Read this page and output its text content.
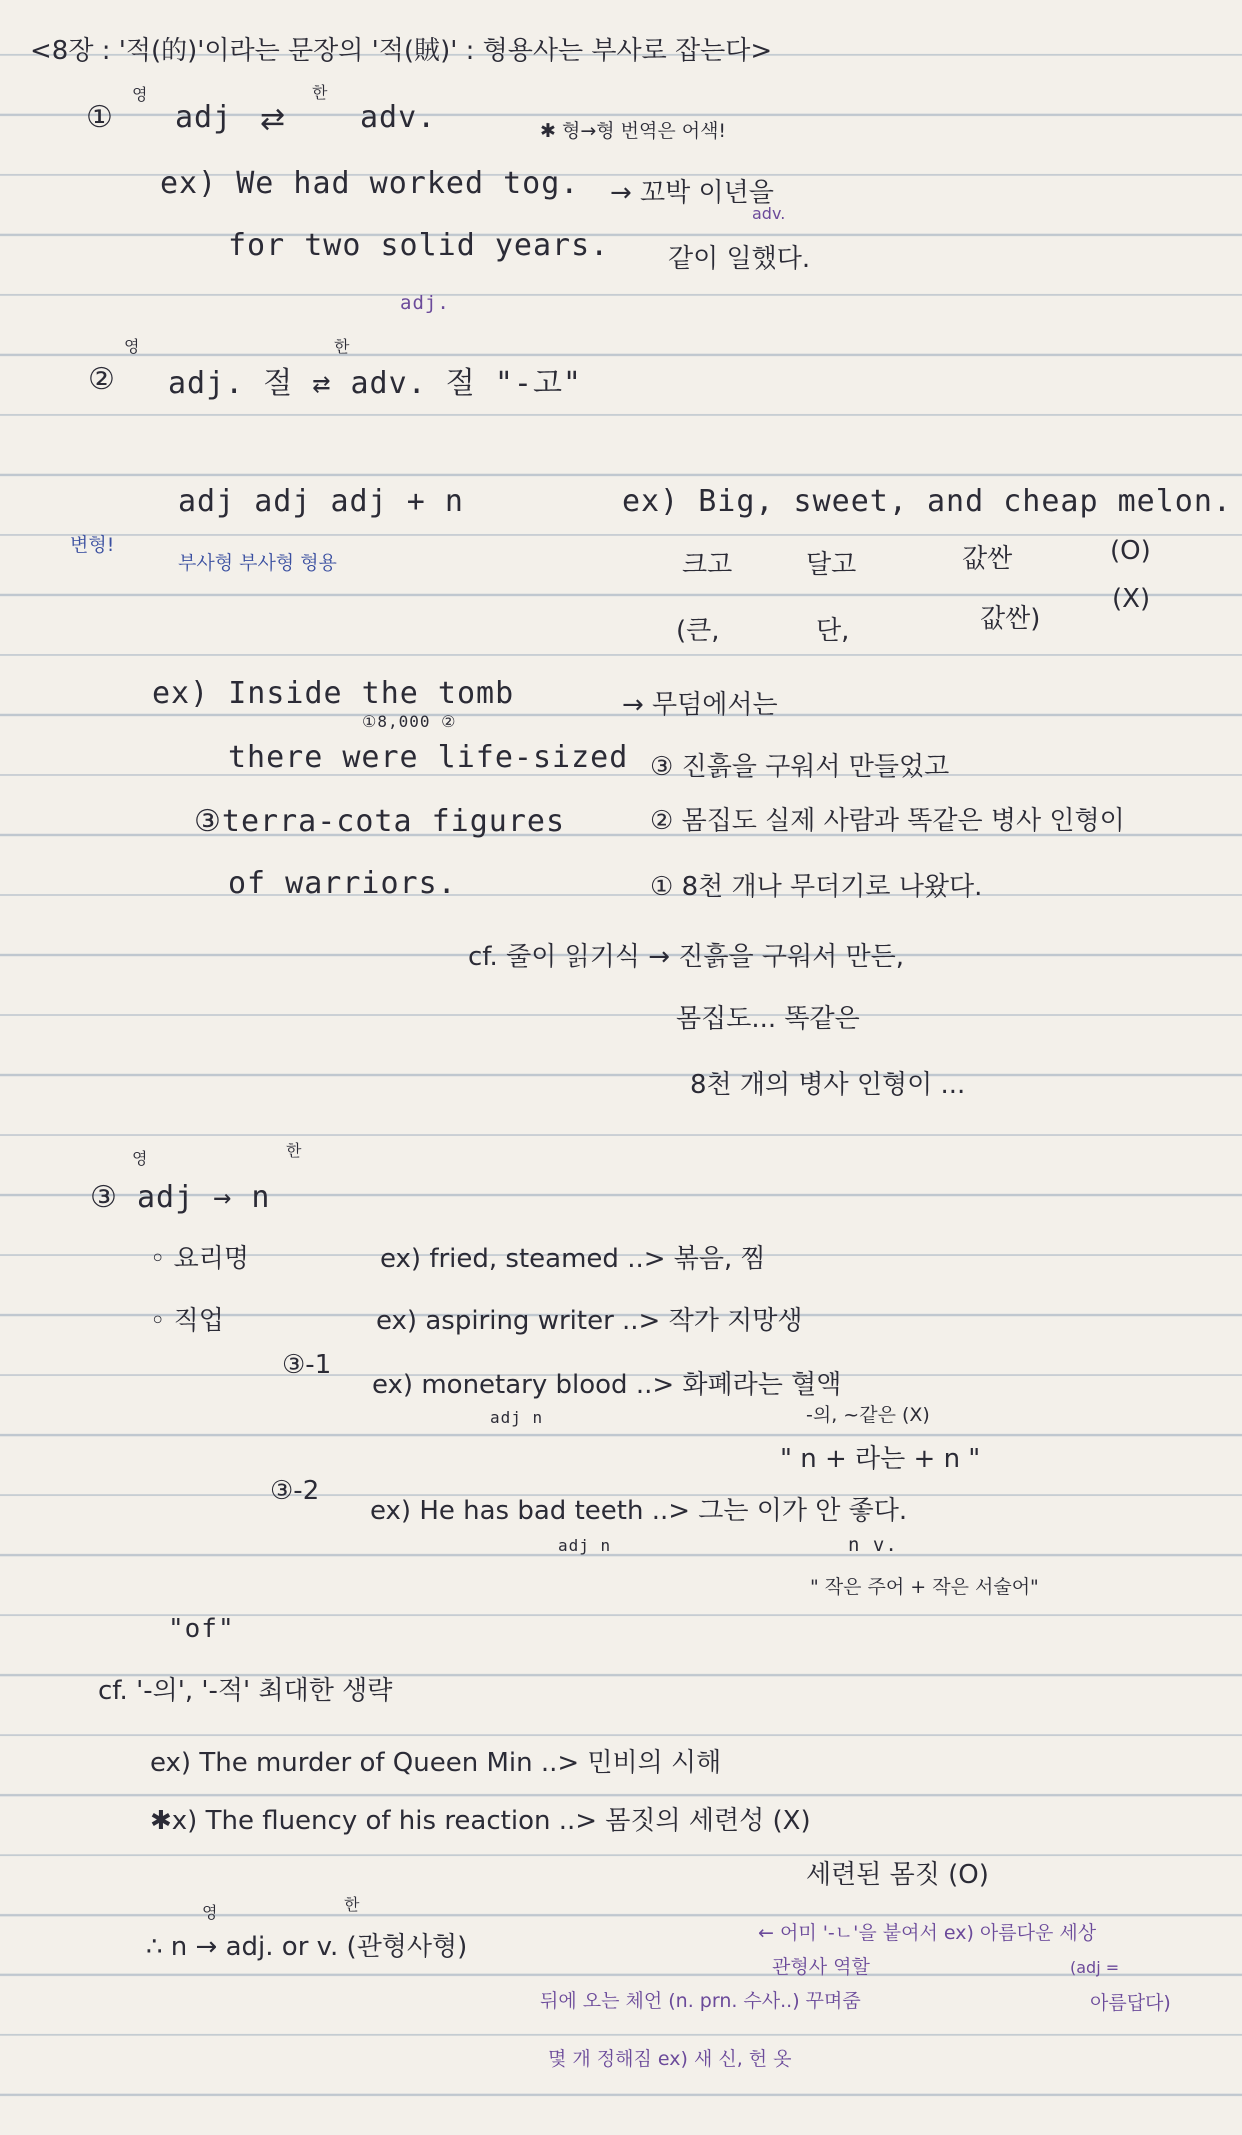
<8장 : '적(的)'이라는 문장의 '적(賊)' : 형용사는 부사로 잡는다>
영	한
① adj ⇄ adv.	✱ 형→형 번역은 어색!
ex) We had worked tog.
for two solid years.
adj.
→ 꼬박 이년을
adv.
같이 일했다.
영	한
② adj. 절 ⇄ adv. 절 "-고"
adj adj adj + n	ex) Big, sweet, and cheap melon.
변형!
부사형 부사형 형용	크고	달고	값싼	(O)
(큰,	단,	값싼)
(X)
ex) Inside the tomb
①8,000 ②
there were life-sized
③terra-cota figures
of warriors.
→ 무덤에서는
③ 진흙을 구워서 만들었고
② 몸집도 실제 사람과 똑같은 병사 인형이
① 8천 개나 무더기로 나왔다.
cf. 줄이 읽기식 → 진흙을 구워서 만든,
몸집도... 똑같은
8천 개의 병사 인형이 ...
영	한
③ adj → n
◦ 요리명	ex) fried, steamed ..> 볶음, 찜
◦ 직업	ex) aspiring writer ..> 작가 지망생
③-1
ex) monetary blood ..> 화폐라는 혈액
adj n	-의, ~같은 (X)
" n + 라는 + n "
③-2
ex) He has bad teeth ..> 그는 이가 안 좋다.
adj n	n v.
" 작은 주어 + 작은 서술어"
"of"
cf. '-의', '-적' 최대한 생략
ex) The murder of Queen Min ..> 민비의 시해
✱x) The fluency of his reaction ..> 몸짓의 세련성 (X)
세련된 몸짓 (O)
영	한
∴ n → adj. or v. (관형사형)	← 어미 '-ㄴ'을 붙여서 ex) 아름다운 세상
관형사 역할	(adj =
아름답다)
뒤에 오는 체언 (n. prn. 수사..) 꾸며줌
몇 개 정해짐 ex) 새 신, 헌 옷
